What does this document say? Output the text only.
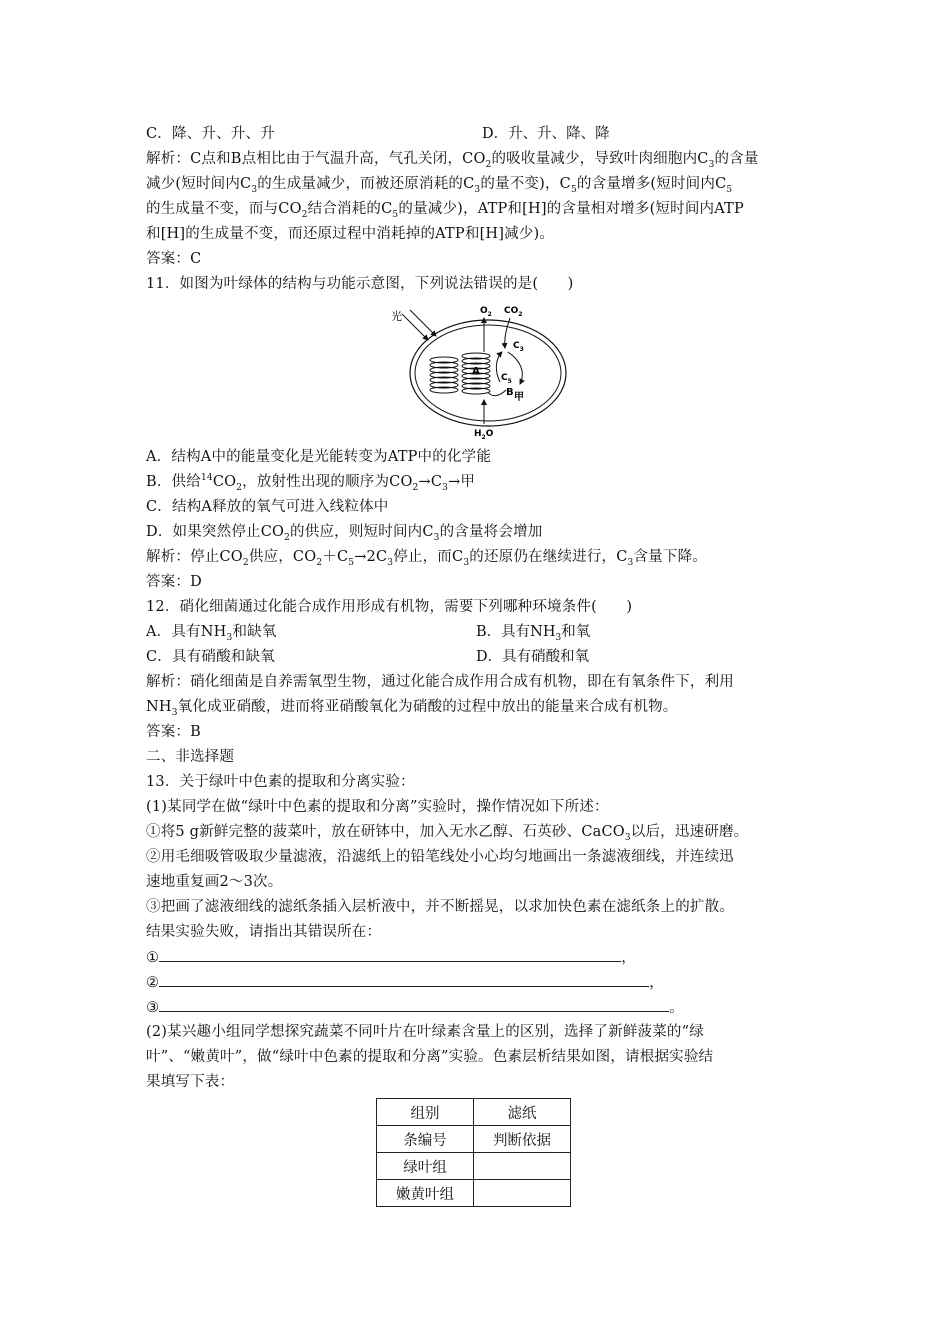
C．降、升、升、升	D．升、升、降、降
解析：C点和B点相比由于气温升高，气孔关闭，$CO_2$的吸收量减少，导致叶肉细胞内$C_3$的含量
减少(短时间内$C_3$的生成量减少，而被还原消耗的$C_3$的量不变)，$C_5$的含量增多(短时间内$C_5$
的生成量不变，而与$CO_2$结合消耗的$C_5$的量减少)，ATP和[H]的含量相对增多(短时间内ATP
和[H]的生成量不变，而还原过程中消耗掉的ATP和[H]减少)。
答案：C
11．如图为叶绿体的结构与功能示意图，下列说法错误的是(　　)
光
A
$O_2$ $CO_2$
$C_3$
$C_5$
B 甲
$H_2O$
A．结构A中的能量变化是光能转变为ATP中的化学能
B．供给$^{14}CO_2$，放射性出现的顺序为$CO_2\to C_3\to$甲
C．结构A释放的氧气可进入线粒体中
D．如果突然停止$CO_2$的供应，则短时间内$C_3$的含量将会增加
解析：停止$CO_2$供应，$CO_2+C_5\to 2C_3$停止，而$C_3$的还原仍在继续进行，$C_3$含量下降。
答案：D
12．硝化细菌通过化能合成作用形成有机物，需要下列哪种环境条件(　　)
A．具有$NH_3$和缺氧	B．具有$NH_3$和氧
C．具有硝酸和缺氧	D．具有硝酸和氧
解析：硝化细菌是自养需氧型生物，通过化能合成作用合成有机物，即在有氧条件下，利用
$NH_3$氧化成亚硝酸，进而将亚硝酸氧化为硝酸的过程中放出的能量来合成有机物。
答案：B
二、非选择题
13．关于绿叶中色素的提取和分离实验：
(1)某同学在做“绿叶中色素的提取和分离”实验时，操作情况如下所述：
①将5 g新鲜完整的菠菜叶，放在研钵中，加入无水乙醇、石英砂、CaCO$_3$以后，迅速研磨。
②用毛细吸管吸取少量滤液，沿滤纸上的铅笔线处小心均匀地画出一条滤液细线，并连续迅
速地重复画2～3次。
③把画了滤液细线的滤纸条插入层析液中，并不断摇晃，以求加快色素在滤纸条上的扩散。
结果实验失败，请指出其错误所在：
①	，
②	，
③	。
(2)某兴趣小组同学想探究蔬菜不同叶片在叶绿素含量上的区别，选择了新鲜菠菜的“绿
叶”、“嫩黄叶”，做“绿叶中色素的提取和分离”实验。色素层析结果如图，请根据实验结
果填写下表：
组别	滤纸
条编号	判断依据
绿叶组	
嫩黄叶组	
